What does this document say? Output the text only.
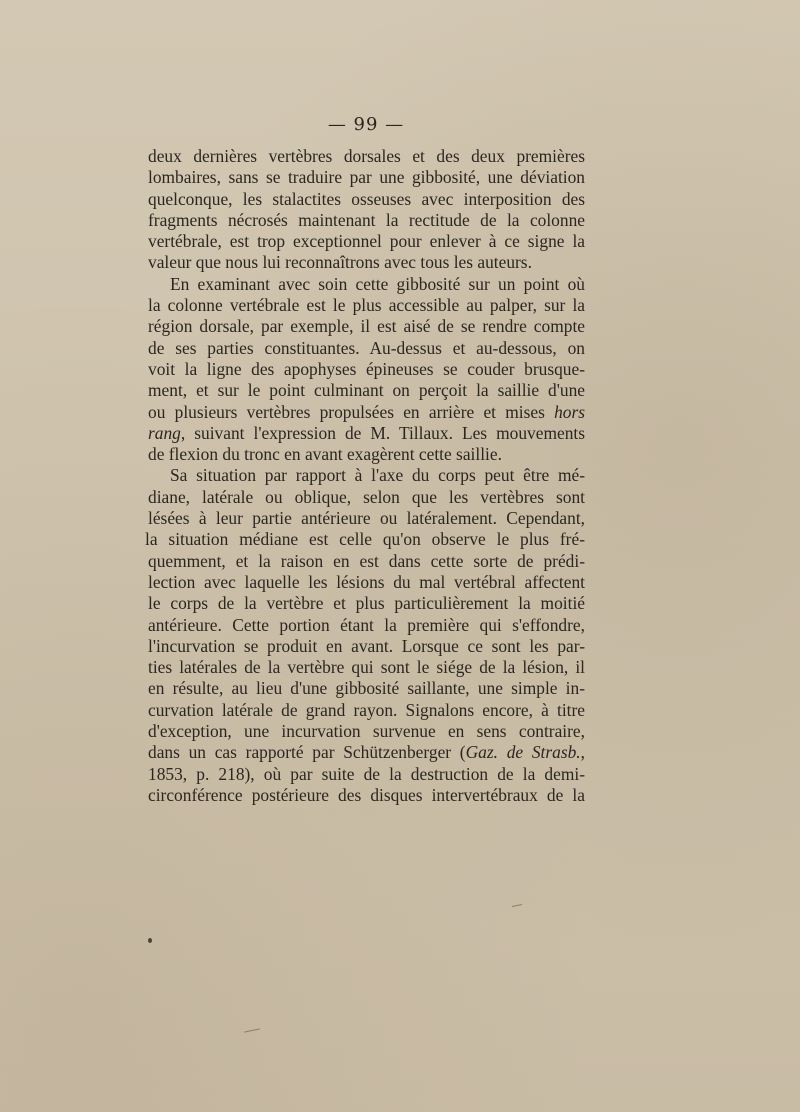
— 99 —
deux dernières vertèbres dorsales et des deux premières
lombaires, sans se traduire par une gibbosité, une déviation
quelconque, les stalactites osseuses avec interposition des
fragments nécrosés maintenant la rectitude de la colonne
vertébrale, est trop exceptionnel pour enlever à ce signe la
valeur que nous lui reconnaîtrons avec tous les auteurs.
En examinant avec soin cette gibbosité sur un point où
la colonne vertébrale est le plus accessible au palper, sur la
région dorsale, par exemple, il est aisé de se rendre compte
de ses parties constituantes. Au-dessus et au-dessous, on
voit la ligne des apophyses épineuses se couder brusque-
ment, et sur le point culminant on perçoit la saillie d'une
ou plusieurs vertèbres propulsées en arrière et mises hors
rang, suivant l'expression de M. Tillaux. Les mouvements
de flexion du tronc en avant exagèrent cette saillie.
Sa situation par rapport à l'axe du corps peut être mé-
diane, latérale ou oblique, selon que les vertèbres sont
lésées à leur partie antérieure ou latéralement. Cependant,
la situation médiane est celle qu'on observe le plus fré-
quemment, et la raison en est dans cette sorte de prédi-
lection avec laquelle les lésions du mal vertébral affectent
le corps de la vertèbre et plus particulièrement la moitié
antérieure. Cette portion étant la première qui s'effondre,
l'incurvation se produit en avant. Lorsque ce sont les par-
ties latérales de la vertèbre qui sont le siége de la lésion, il
en résulte, au lieu d'une gibbosité saillante, une simple in-
curvation latérale de grand rayon. Signalons encore, à titre
d'exception, une incurvation survenue en sens contraire,
dans un cas rapporté par Schützenberger (Gaz. de Strasb.,
1853, p. 218), où par suite de la destruction de la demi-
circonférence postérieure des disques intervertébraux de la
